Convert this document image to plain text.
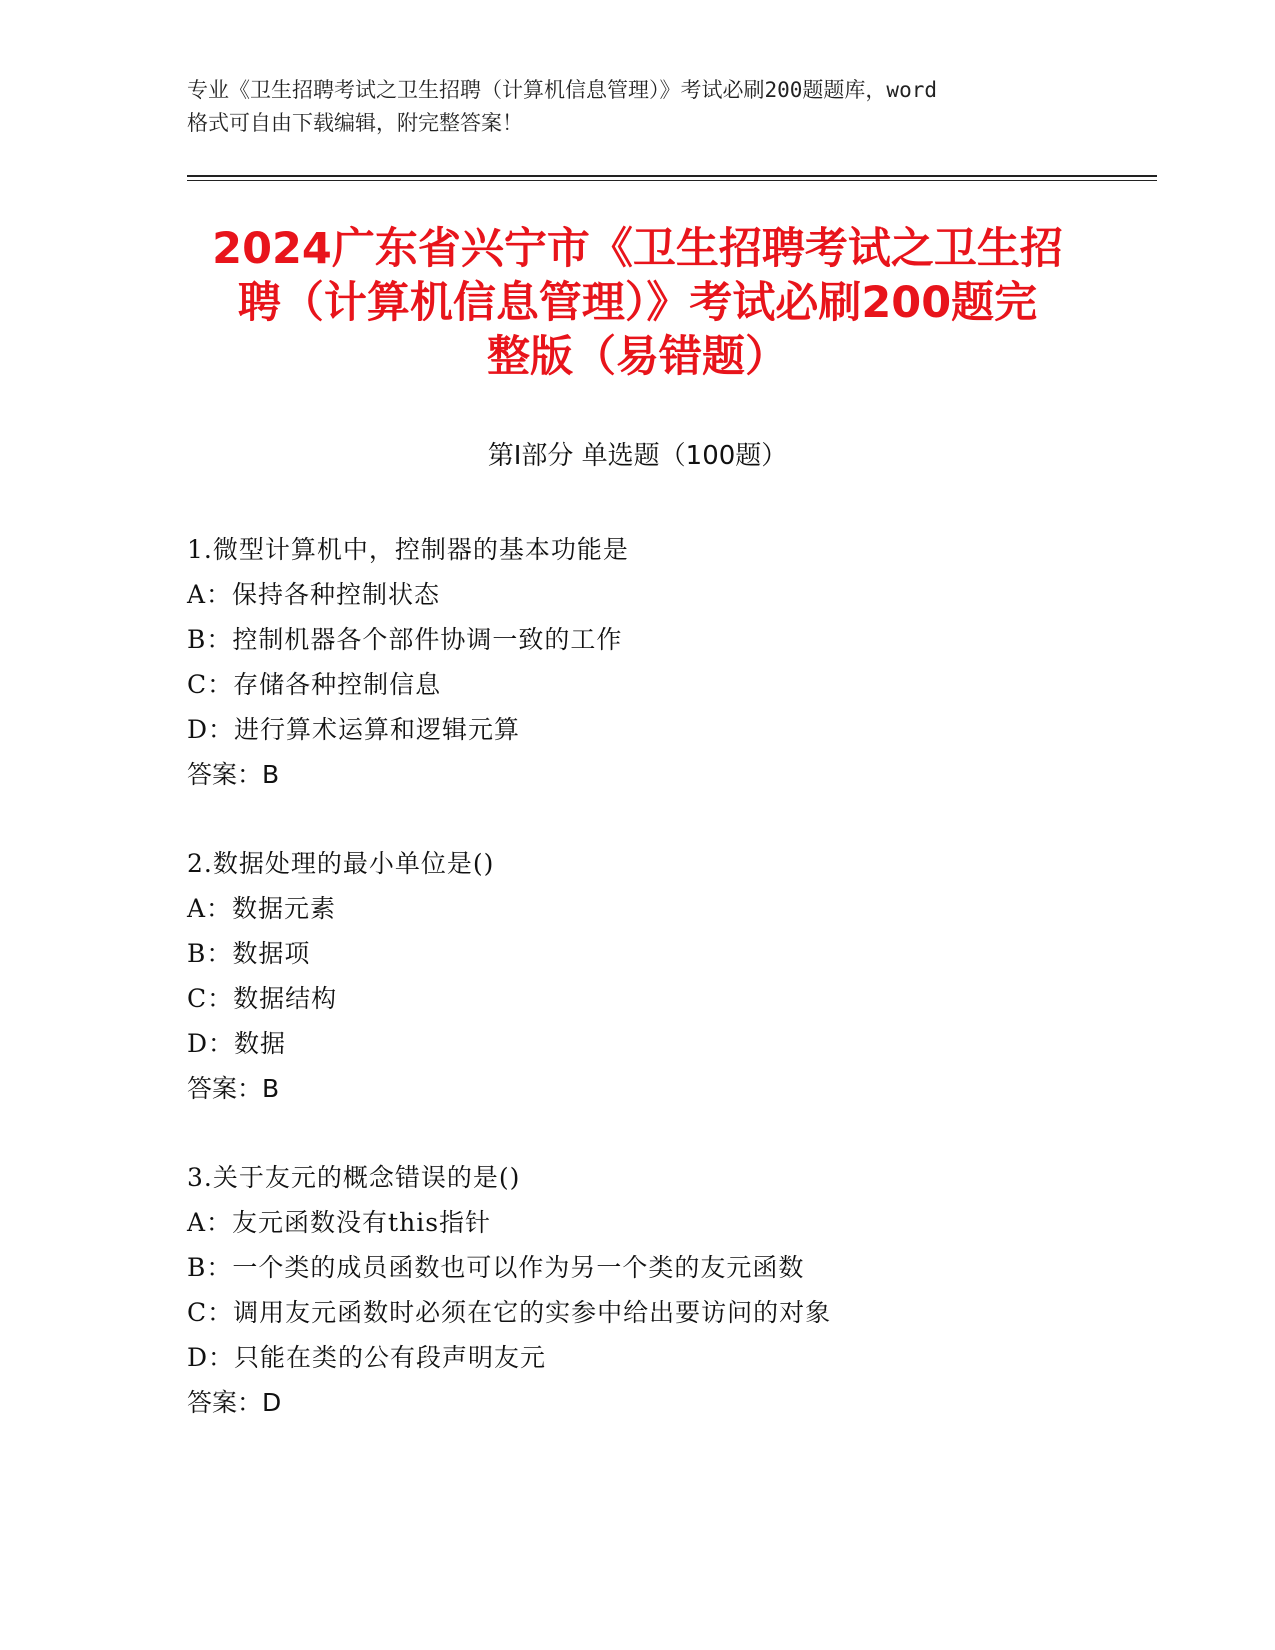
专业《卫生招聘考试之卫生招聘（计算机信息管理）》考试必刷200题题库，word
格式可自由下载编辑，附完整答案！
2024广东省兴宁市《卫生招聘考试之卫生招
聘（计算机信息管理）》考试必刷200题完
整版（易错题）
第Ⅰ部分 单选题（100题）
1.微型计算机中，控制器的基本功能是
A：保持各种控制状态
B：控制机器各个部件协调一致的工作
C：存储各种控制信息
D：进行算术运算和逻辑元算
答案：B
2.数据处理的最小单位是()
A：数据元素
B：数据项
C：数据结构
D：数据
答案：B
3.关于友元的概念错误的是()
A：友元函数没有this指针
B：一个类的成员函数也可以作为另一个类的友元函数
C：调用友元函数时必须在它的实参中给出要访问的对象
D：只能在类的公有段声明友元
答案：D
